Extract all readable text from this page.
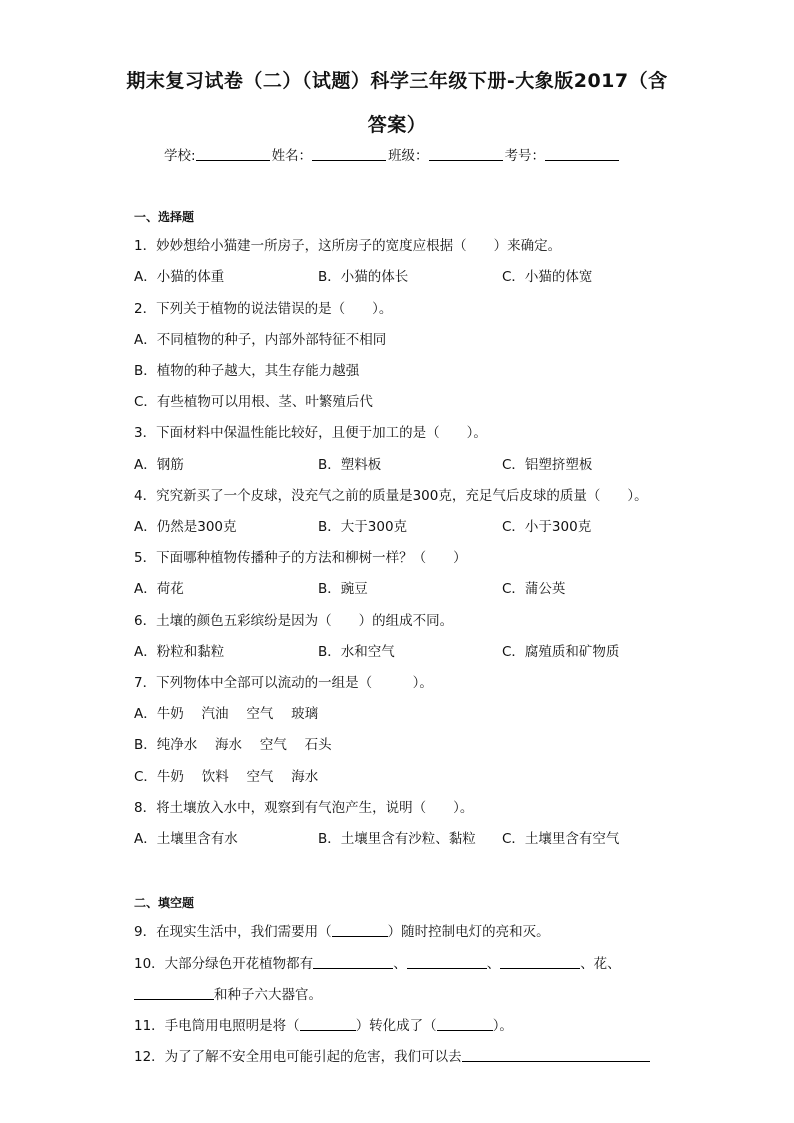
期末复习试卷（二）（试题）科学三年级下册-大象版2017（含
答案）
学校:	姓名：	班级：	考号：
一、选择题
1．妙妙想给小猫建一所房子，这所房子的宽度应根据（　　）来确定。
A．小猫的体重	B．小猫的体长	C．小猫的体宽
2．下列关于植物的说法错误的是（　　）。
A．不同植物的种子，内部外部特征不相同
B．植物的种子越大，其生存能力越强
C．有些植物可以用根、茎、叶繁殖后代
3．下面材料中保温性能比较好，且便于加工的是（　　）。
A．钢筋	B．塑料板	C．铝塑挤塑板
4．究究新买了一个皮球，没充气之前的质量是300克，充足气后皮球的质量（　　）。
A．仍然是300克	B．大于300克	C．小于300克
5．下面哪种植物传播种子的方法和柳树一样？（　　）
A．荷花	B．豌豆	C．蒲公英
6．土壤的颜色五彩缤纷是因为（　　）的组成不同。
A．粉粒和黏粒	B．水和空气	C．腐殖质和矿物质
7．下列物体中全部可以流动的一组是（　　　）。
A．牛奶　 汽油　 空气　 玻璃
B．纯净水　 海水　 空气　 石头
C．牛奶　 饮料　 空气　 海水
8．将土壤放入水中，观察到有气泡产生，说明（　　）。
A．土壤里含有水	B．土壤里含有沙粒、黏粒 C．土壤里含有空气
二、填空题
9．在现实生活中，我们需要用（	）随时控制电灯的亮和灭。
10．大部分绿色开花植物都有	、	、	、花、
和种子六大器官。
11．手电筒用电照明是将（	）转化成了（	）。
12．为了了解不安全用电可能引起的危害，我们可以去
